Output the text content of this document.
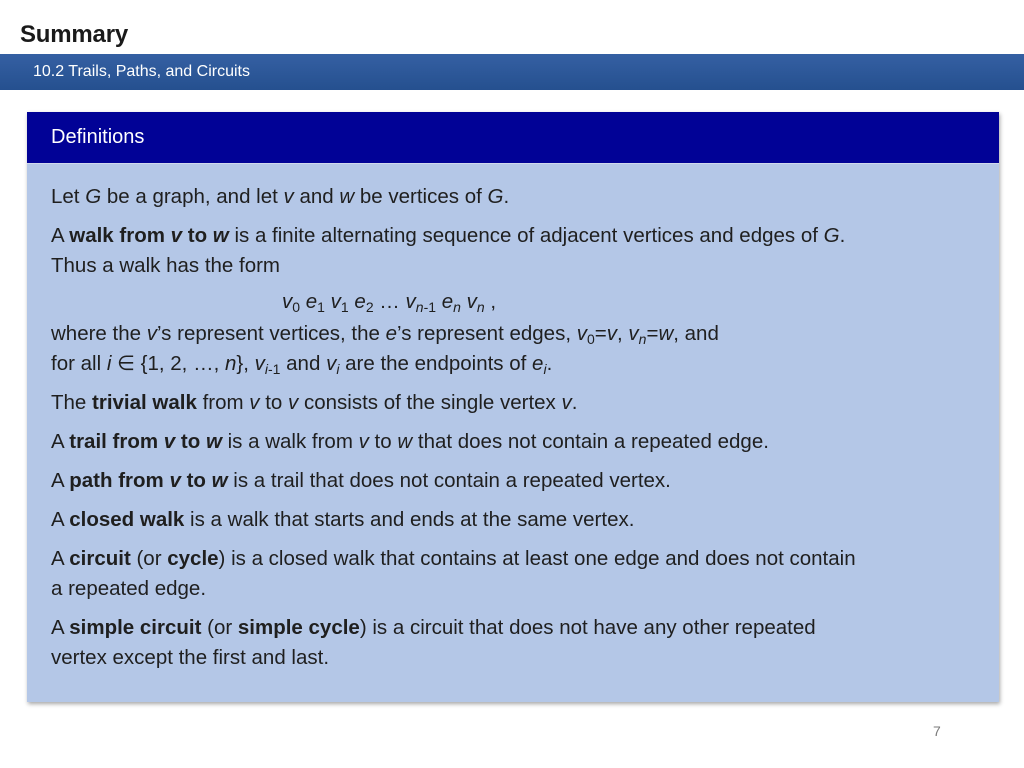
Summary
10.2 Trails, Paths, and Circuits
Definitions

Let G be a graph, and let v and w be vertices of G.

A walk from v to w is a finite alternating sequence of adjacent vertices and edges of G.
Thus a walk has the form

$v_0$ $e_1$ $v_1$ $e_2$ … $v_{n-1}$ $e_n$ $v_n$ ,

where the v’s represent vertices, the e’s represent edges, $v_0=v$, $v_n=w$, and
for all i ∈ {1, 2, …, n}, $v_{i-1}$ and $v_i$ are the endpoints of $e_i$.

The trivial walk from v to v consists of the single vertex v.

A trail from v to w is a walk from v to w that does not contain a repeated edge.

A path from v to w is a trail that does not contain a repeated vertex.

A closed walk is a walk that starts and ends at the same vertex.

A circuit (or cycle) is a closed walk that contains at least one edge and does not contain
a repeated edge.

A simple circuit (or simple cycle) is a circuit that does not have any other repeated
vertex except the first and last.

7
